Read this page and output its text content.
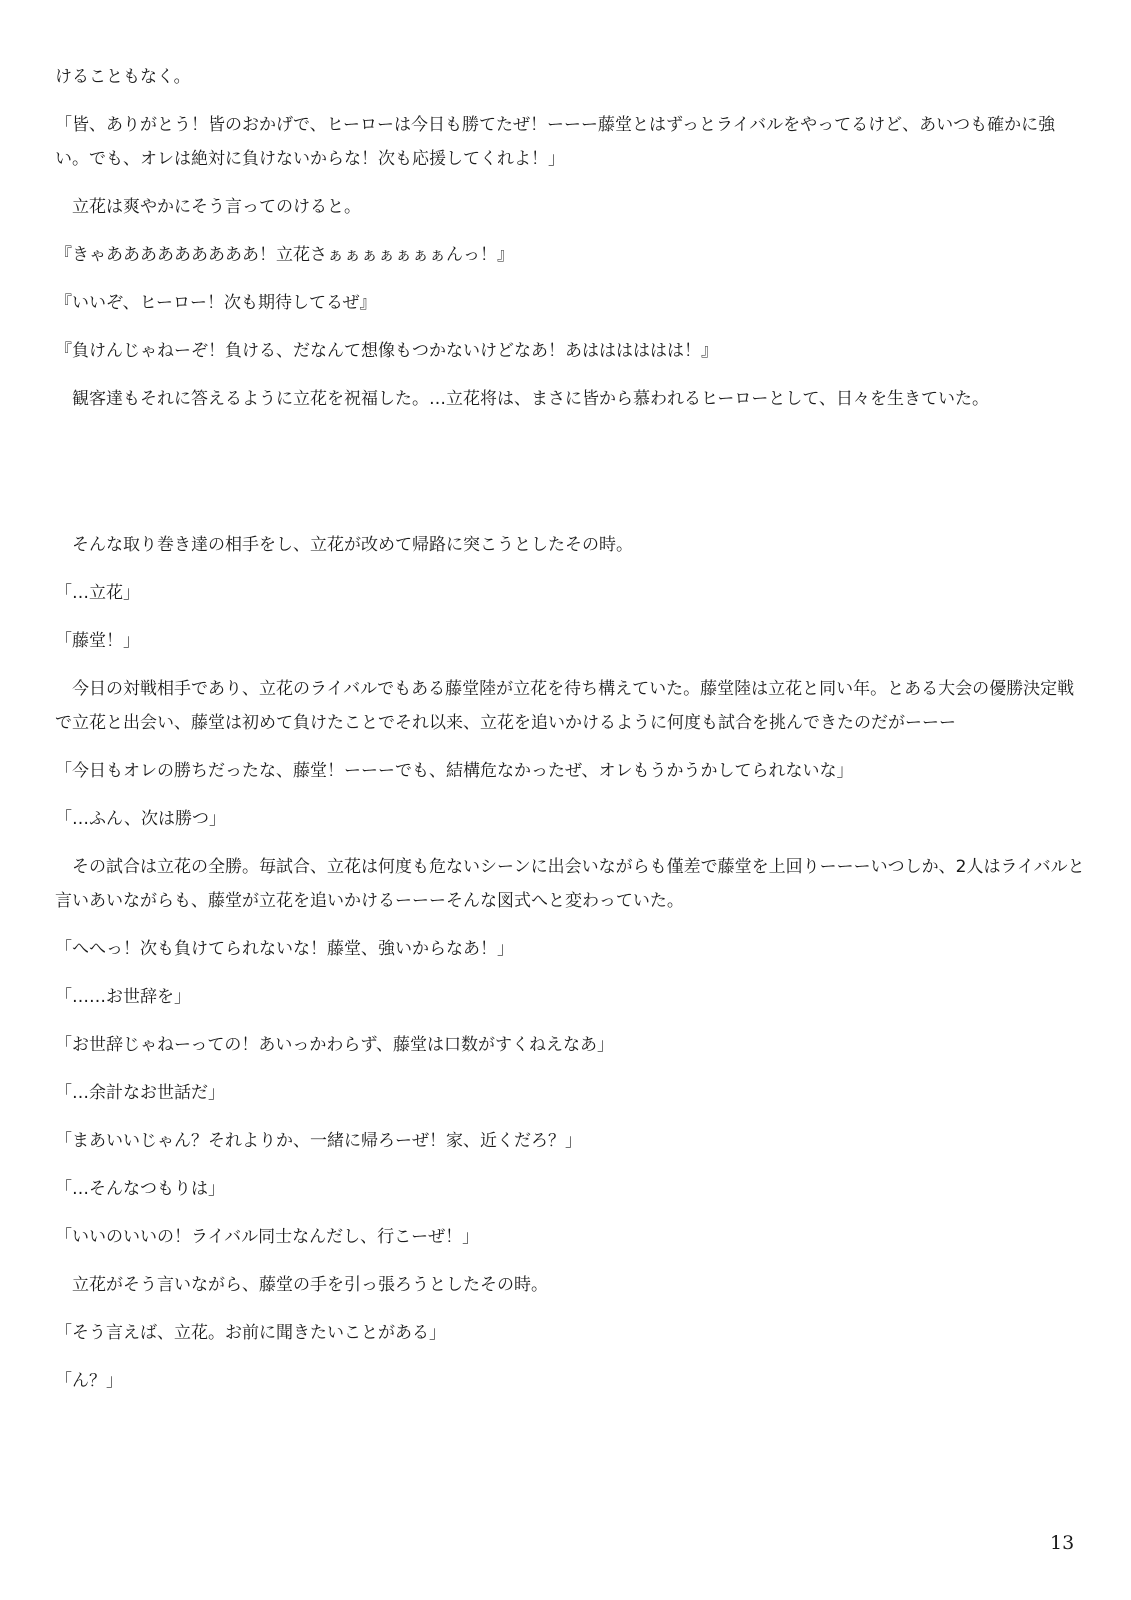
けることもなく。

「皆、ありがとう！皆のおかげで、ヒーローは今日も勝てたぜ！ーーー藤堂とはずっとライバルをやってるけど、あいつも確かに強い。でも、オレは絶対に負けないからな！次も応援してくれよ！」

　立花は爽やかにそう言ってのけると。

『きゃあああああああああ！立花さぁぁぁぁぁぁぁんっ！』

『いいぞ、ヒーロー！次も期待してるぜ』

『負けんじゃねーぞ！負ける、だなんて想像もつかないけどなあ！あはははははは！』

　観客達もそれに答えるように立花を祝福した。…立花将は、まさに皆から慕われるヒーローとして、日々を生きていた。

　そんな取り巻き達の相手をし、立花が改めて帰路に突こうとしたその時。

「…立花」

「藤堂！」

　今日の対戦相手であり、立花のライバルでもある藤堂陸が立花を待ち構えていた。藤堂陸は立花と同い年。とある大会の優勝決定戦で立花と出会い、藤堂は初めて負けたことでそれ以来、立花を追いかけるように何度も試合を挑んできたのだがーーー

「今日もオレの勝ちだったな、藤堂！ーーーでも、結構危なかったぜ、オレもうかうかしてられないな」

「…ふん、次は勝つ」

　その試合は立花の全勝。毎試合、立花は何度も危ないシーンに出会いながらも僅差で藤堂を上回りーーーいつしか、2人はライバルと言いあいながらも、藤堂が立花を追いかけるーーーそんな図式へと変わっていた。

「へへっ！次も負けてられないな！藤堂、強いからなあ！」

「……お世辞を」

「お世辞じゃねーっての！あいっかわらず、藤堂は口数がすくねえなあ」

「…余計なお世話だ」

「まあいいじゃん？それよりか、一緒に帰ろーぜ！家、近くだろ？」

「…そんなつもりは」

「いいのいいの！ライバル同士なんだし、行こーぜ！」

　立花がそう言いながら、藤堂の手を引っ張ろうとしたその時。

「そう言えば、立花。お前に聞きたいことがある」

「ん？」

13
